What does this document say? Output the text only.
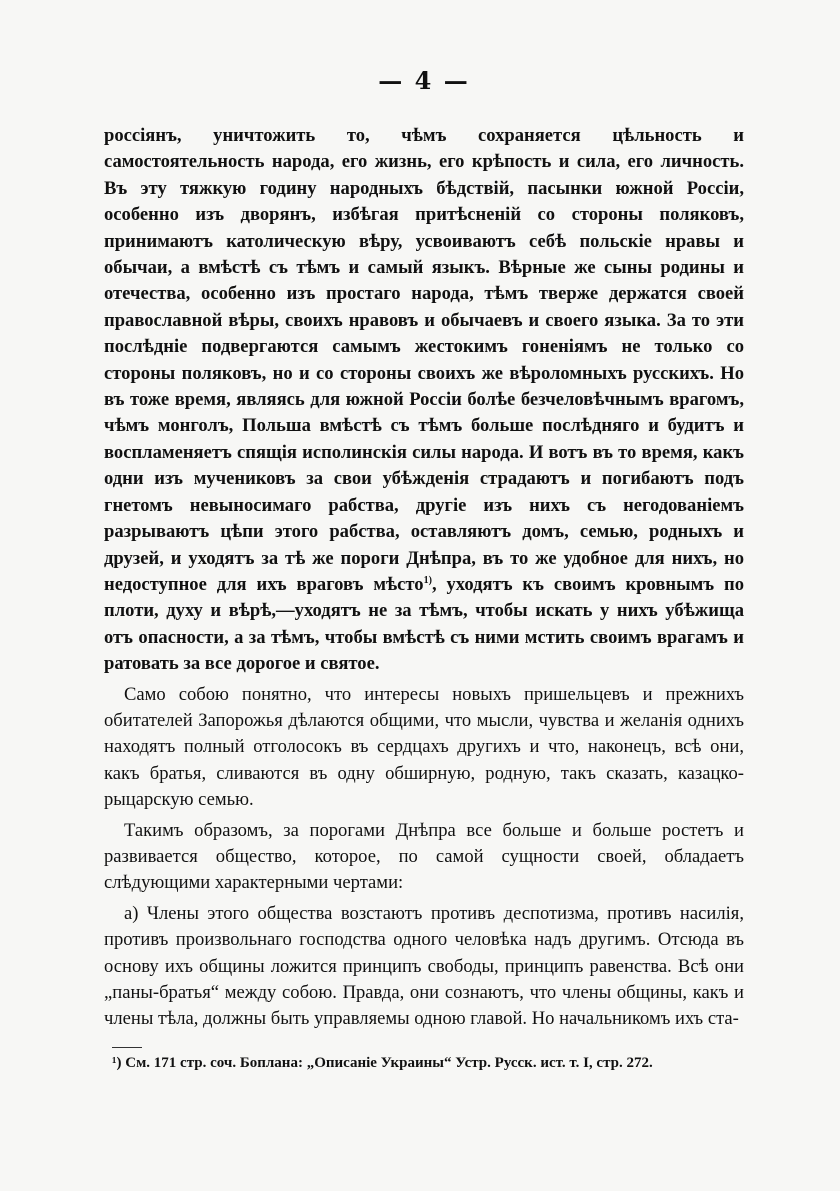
— 4 —

россіянъ, уничтожить то, чѣмъ сохраняется цѣльность и самостоятельность народа, его жизнь, его крѣпость и сила, его личность. Въ эту тяжкую годину народныхъ бѣдствій, пасынки южной Россіи, особенно изъ дворянъ, избѣгая притѣсненій со стороны поляковъ, принимаютъ католическую вѣру, усвоиваютъ себѣ польскіе нравы и обычаи, а вмѣстѣ съ тѣмъ и самый языкъ. Вѣрные же сыны родины и отечества, особенно изъ простаго народа, тѣмъ тверже держатся своей православной вѣры, своихъ нравовъ и обычаевъ и своего языка. За то эти послѣдніе подвергаются самымъ жестокимъ гоненіямъ не только со стороны поляковъ, но и со стороны своихъ же вѣроломныхъ русскихъ. Но въ тоже время, являясь для южной Россіи болѣе безчеловѣчнымъ врагомъ, чѣмъ монголъ, Польша вмѣстѣ съ тѣмъ больше послѣдняго и будитъ и воспламеняетъ спящія исполинскія силы народа. И вотъ въ то время, какъ одни изъ мучениковъ за свои убѣжденія страдаютъ и погибаютъ подъ гнетомъ невыносимаго рабства, другіе изъ нихъ съ негодованіемъ разрываютъ цѣпи этого рабства, оставляютъ домъ, семью, родныхъ и друзей, и уходятъ за тѣ же пороги Днѣпра, въ то же удобное для нихъ, но недоступное для ихъ враговъ мѣсто$^{1)}$, уходятъ къ своимъ кровнымъ по плоти, духу и вѣрѣ,—уходятъ не за тѣмъ, чтобы искать у нихъ убѣжища отъ опасности, а за тѣмъ, чтобы вмѣстѣ съ ними мстить своимъ врагамъ и ратовать за все дорогое и святое.

Само собою понятно, что интересы новыхъ пришельцевъ и прежнихъ обитателей Запорожья дѣлаются общими, что мысли, чувства и желанія однихъ находятъ полный отголосокъ въ сердцахъ другихъ и что, наконецъ, всѣ они, какъ братья, сливаются въ одну обширную, родную, такъ сказать, казацко-рыцарскую семью.

Такимъ образомъ, за порогами Днѣпра все больше и больше ростетъ и развивается общество, которое, по самой сущности своей, обладаетъ слѣдующими характерными чертами:

а) Члены этого общества возстаютъ противъ деспотизма, противъ насилія, противъ произвольнаго господства одного человѣка надъ другимъ. Отсюда въ основу ихъ общины ложится принципъ свободы, принципъ равенства. Всѣ они „паны-братья“ между собою. Правда, они сознаютъ, что члены общины, какъ и члены тѣла, должны быть управляемы одною главой. Но начальникомъ ихъ ста-

¹) См. 171 стр. соч. Боплана: „Описаніе Украины“ Устр. Русск. ист. т. I, стр. 272.
